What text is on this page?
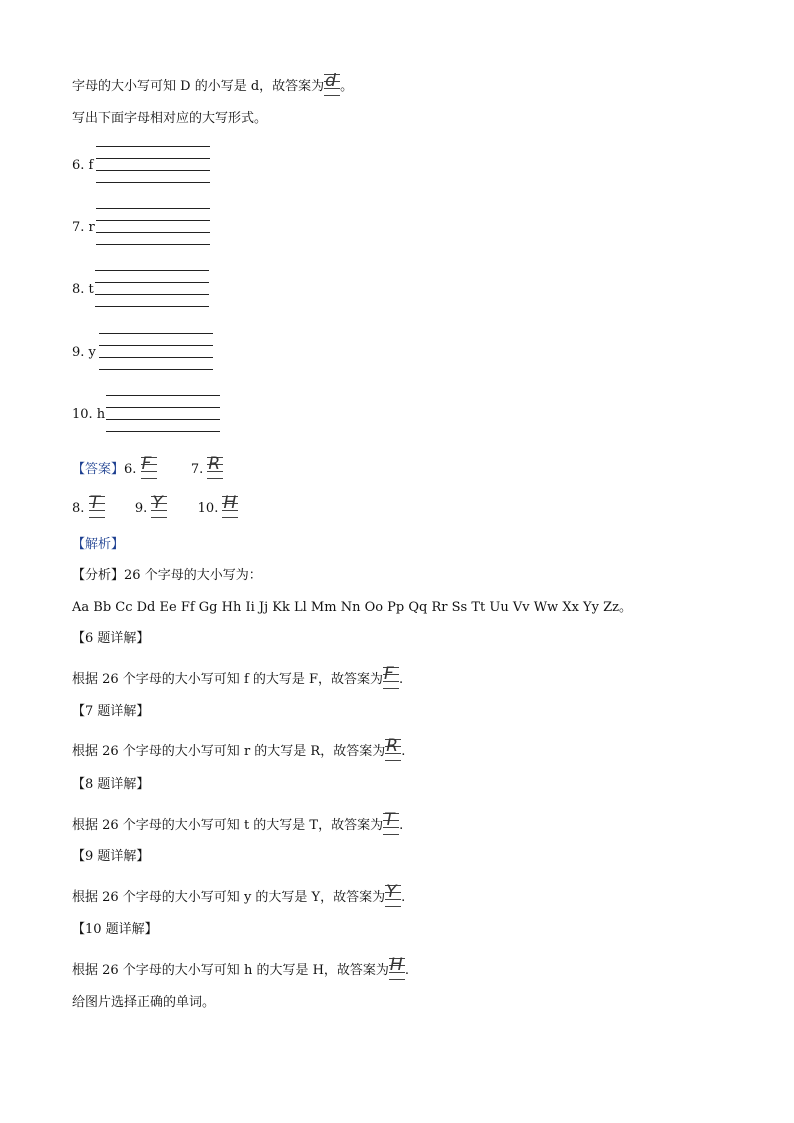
字母的大小写可知 D 的小写是 d，故答案为 d 。
写出下面字母相对应的大写形式。
6. f
7. r
8. t
9. y
10. h
【答案】6. F	7. R
8. T	9. Y	10. H
【解析】
【分析】26 个字母的大小写为：
Aa Bb Cc Dd Ee Ff Gg Hh Ii Jj Kk Ll Mm Nn Oo Pp Qq Rr Ss Tt Uu Vv Ww Xx Yy Zz。
【6 题详解】
根据 26 个字母的大小写可知 f 的大写是 F，故答案为 F .
【7 题详解】
根据 26 个字母的大小写可知 r 的大写是 R，故答案为 R .
【8 题详解】
根据 26 个字母的大小写可知 t 的大写是 T，故答案为 T .
【9 题详解】
根据 26 个字母的大小写可知 y 的大写是 Y，故答案为 Y .
【10 题详解】
根据 26 个字母的大小写可知 h 的大写是 H，故答案为 H .
给图片选择正确的单词。
